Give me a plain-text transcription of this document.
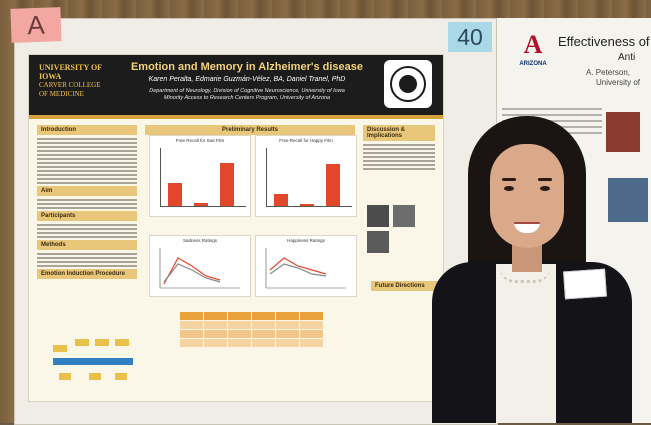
A	40
UNIVERSITY OF IOWA
CARVER COLLEGE
OF MEDICINE
Emotion and Memory in Alzheimer's disease
Karen Peralta, Edmarie Guzmán-Vélez, BA, Daniel Tranel, PhD
Department of Neurology, Division of Cognitive Neuroscience, University of Iowa
Minority Access to Research Centers Program, University of Arizona
Introduction
Aim
Participants
Methods
Emotion Induction Procedure
Preliminary Results
Free Recall for Sad Film	Free Recall for Happy Film
Sadness Ratings	Happiness Ratings

Discussion & Implications
Future Directions
A
ARIZONA
Effectiveness of
Anti
A. Peterson,
University of
